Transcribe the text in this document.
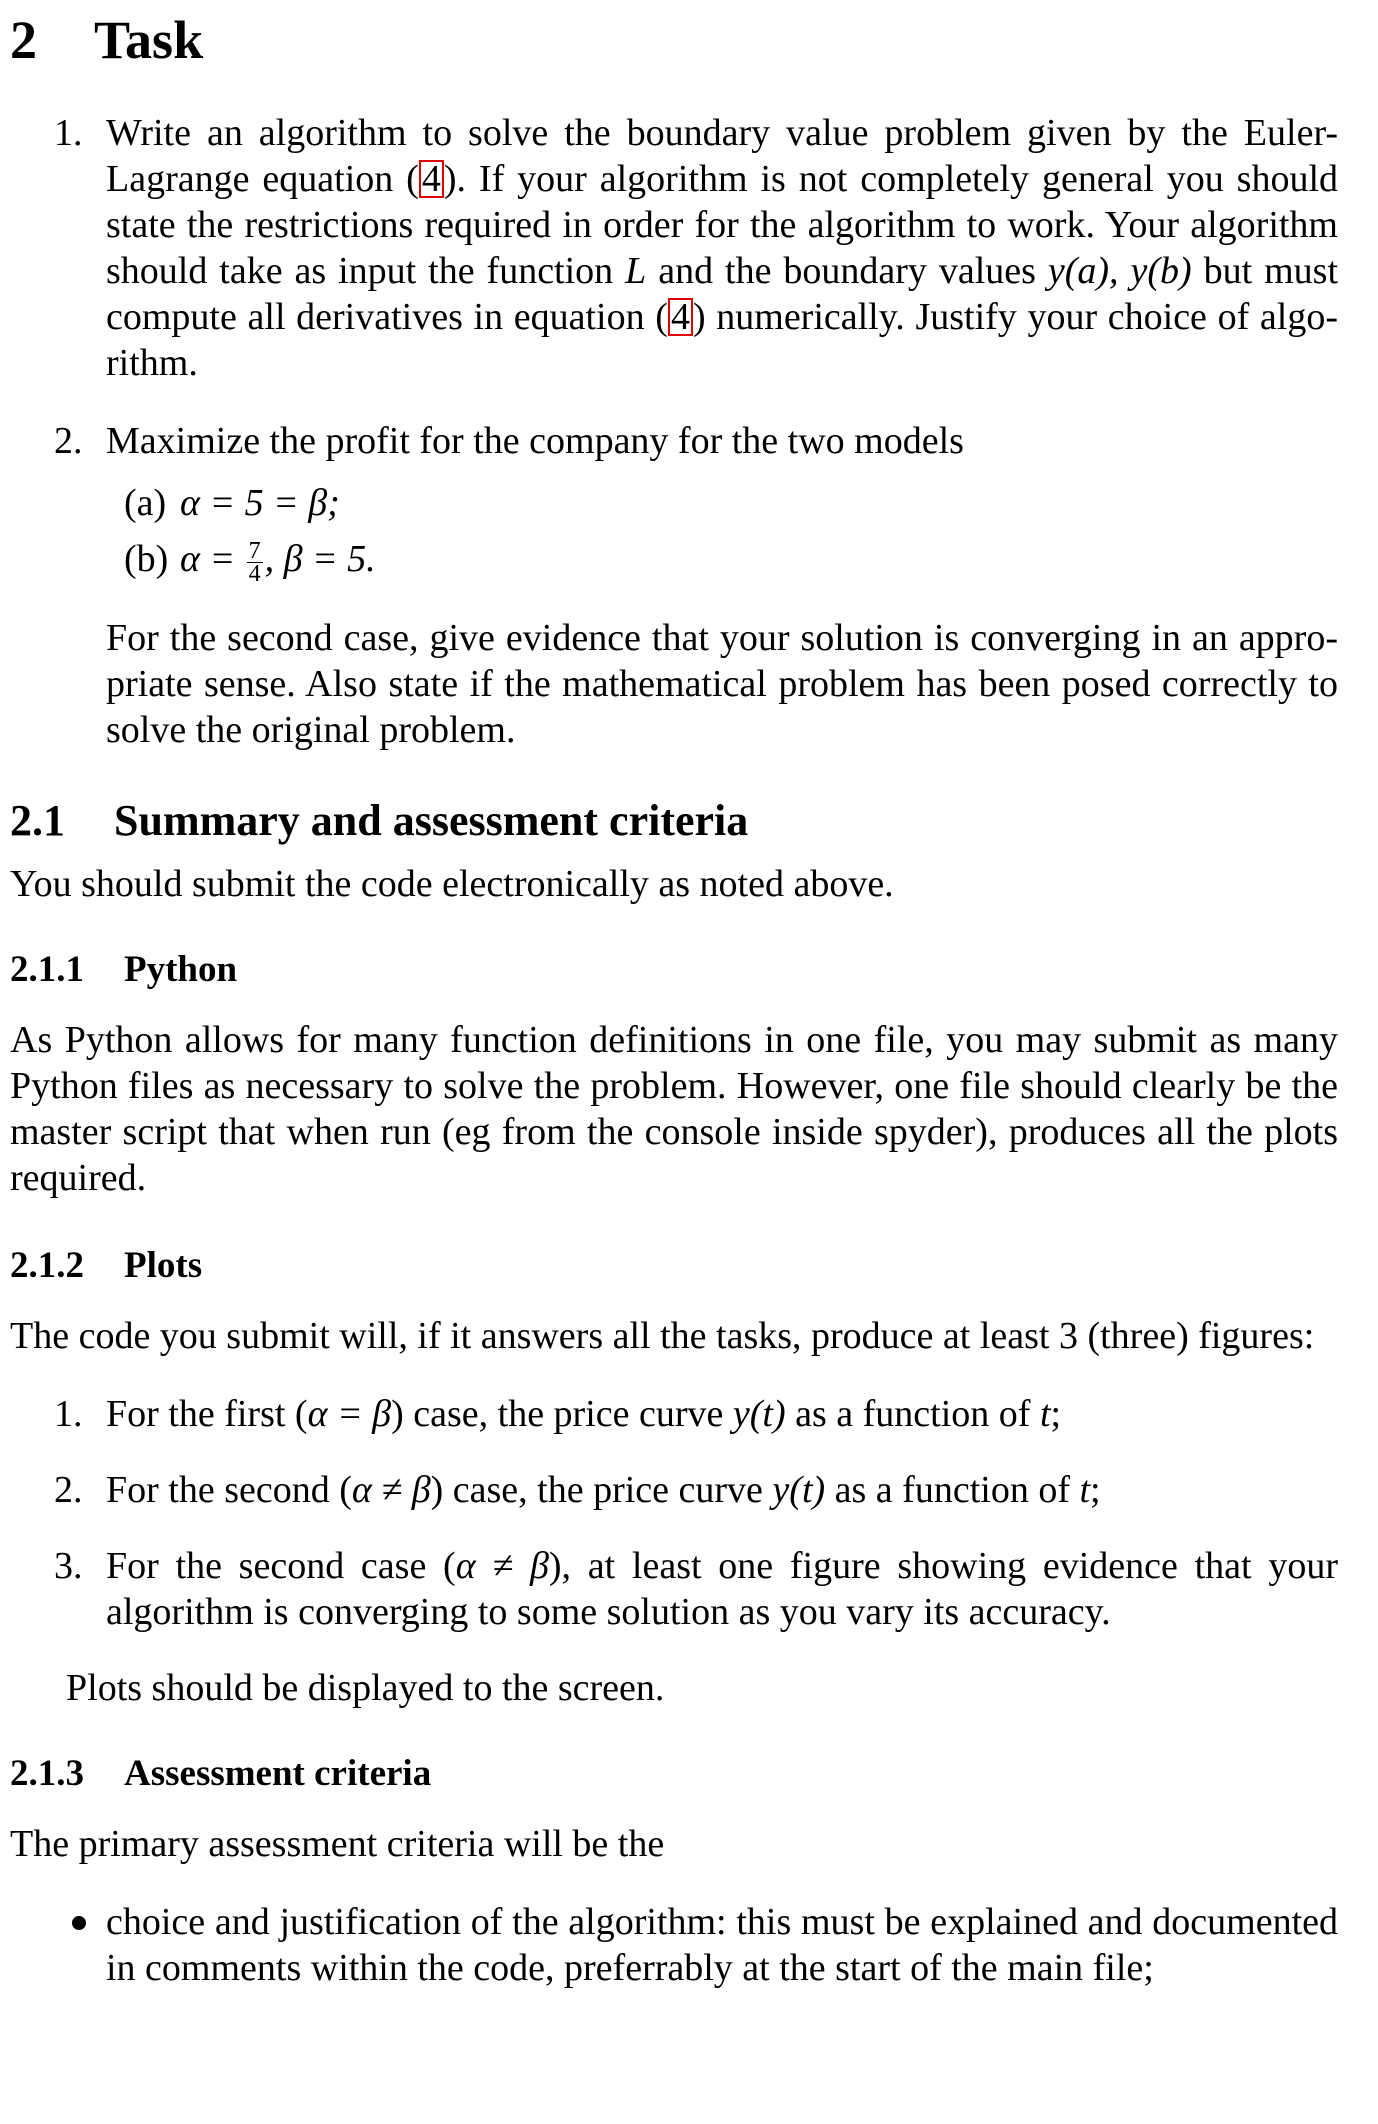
2 Task
1. Write an algorithm to solve the boundary value problem given by the Euler-Lagrange equation (4). If your algorithm is not completely general you should state the restrictions required in order for the algorithm to work. Your algorithm should take as input the function L and the boundary values y(a), y(b) but must compute all derivatives in equation (4) numerically. Justify your choice of algo-rithm.
2. Maximize the profit for the company for the two models
(a) α = 5 = β;
(b) $\alpha = \frac{7}{4}$ , β = 5.

For the second case, give evidence that your solution is converging in an appro-priate sense. Also state if the mathematical problem has been posed correctly to solve the original problem.

2.1 Summary and assessment criteria

You should submit the code electronically as noted above.

2.1.1 Python

As Python allows for many function definitions in one file, you may submit as many Python files as necessary to solve the problem. However, one file should clearly be the master script that when run (eg from the console inside spyder), produces all the plots required.

2.1.2 Plots

The code you submit will, if it answers all the tasks, produce at least 3 (three) figures:

1. For the first (α = β) case, the price curve y(t) as a function of t;
2. For the second (α ≠ β) case, the price curve y(t) as a function of t;
3. For the second case (α ≠ β), at least one figure showing evidence that your algorithm is converging to some solution as you vary its accuracy.

Plots should be displayed to the screen.

2.1.3 Assessment criteria

The primary assessment criteria will be the

choice and justification of the algorithm: this must be explained and documented in comments within the code, preferrably at the start of the main file;
